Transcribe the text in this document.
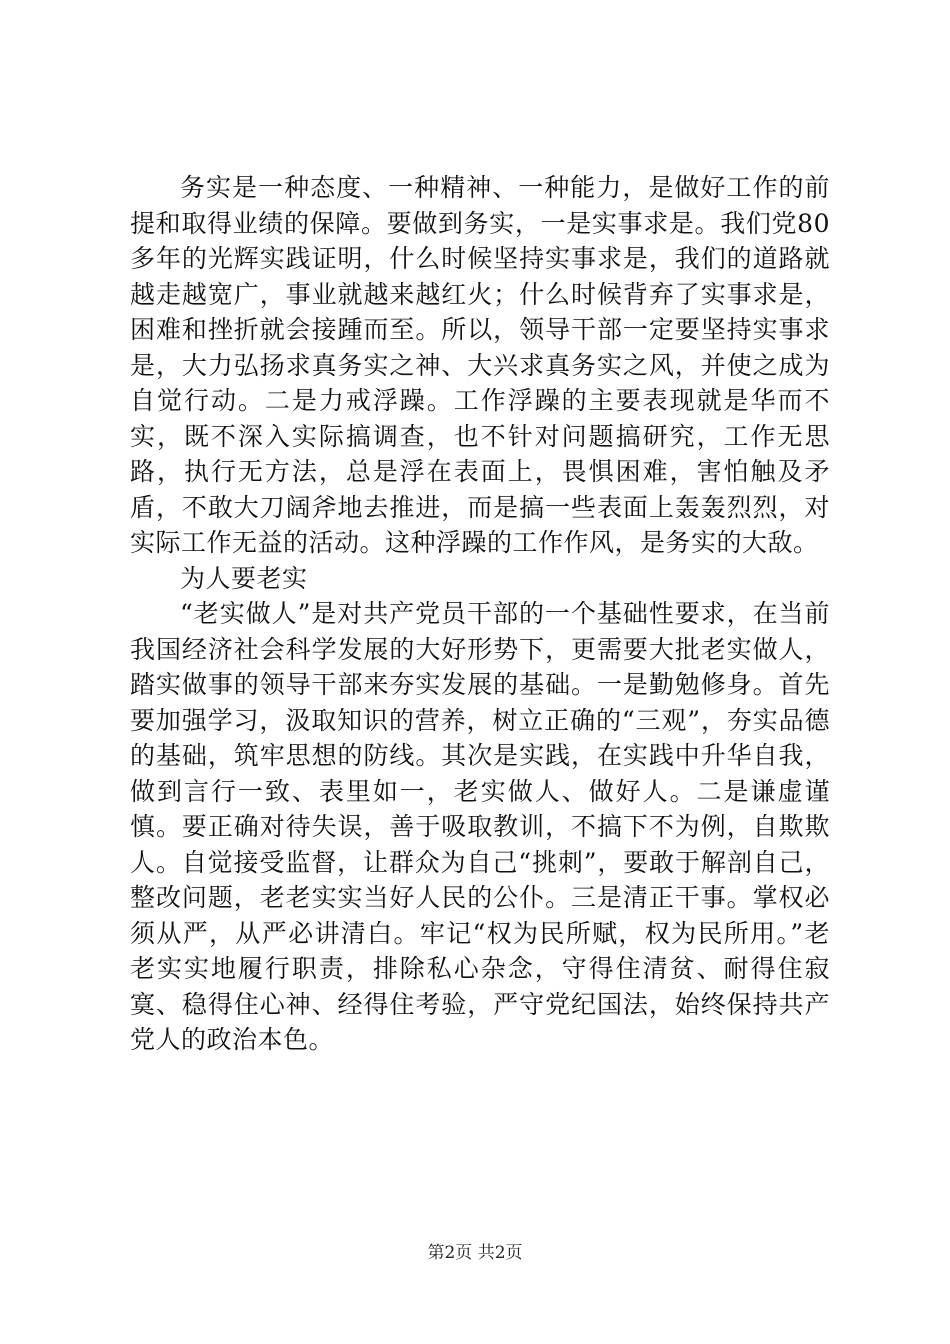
务实是一种态度、一种精神、一种能力，是做好工作的前提和取得业绩的保障。要做到务实，一是实事求是。我们党80多年的光辉实践证明，什么时候坚持实事求是，我们的道路就越走越宽广，事业就越来越红火；什么时候背弃了实事求是，困难和挫折就会接踵而至。所以，领导干部一定要坚持实事求是，大力弘扬求真务实之神、大兴求真务实之风，并使之成为自觉行动。二是力戒浮躁。工作浮躁的主要表现就是华而不实，既不深入实际搞调查，也不针对问题搞研究，工作无思路，执行无方法，总是浮在表面上，畏惧困难，害怕触及矛盾，不敢大刀阔斧地去推进，而是搞一些表面上轰轰烈烈，对实际工作无益的活动。这种浮躁的工作作风，是务实的大敌。

为人要老实

“老实做人”是对共产党员干部的一个基础性要求，在当前我国经济社会科学发展的大好形势下，更需要大批老实做人，踏实做事的领导干部来夯实发展的基础。一是勤勉修身。首先要加强学习，汲取知识的营养，树立正确的“三观”，夯实品德的基础，筑牢思想的防线。其次是实践，在实践中升华自我，做到言行一致、表里如一，老实做人、做好人。二是谦虚谨慎。要正确对待失误，善于吸取教训，不搞下不为例，自欺欺人。自觉接受监督，让群众为自己“挑刺”，要敢于解剖自己，整改问题，老老实实当好人民的公仆。三是清正干事。掌权必须从严，从严必讲清白。牢记“权为民所赋，权为民所用。”老老实实地履行职责，排除私心杂念，守得住清贫、耐得住寂寞、稳得住心神、经得住考验，严守党纪国法，始终保持共产党人的政治本色。

第2页 共2页
